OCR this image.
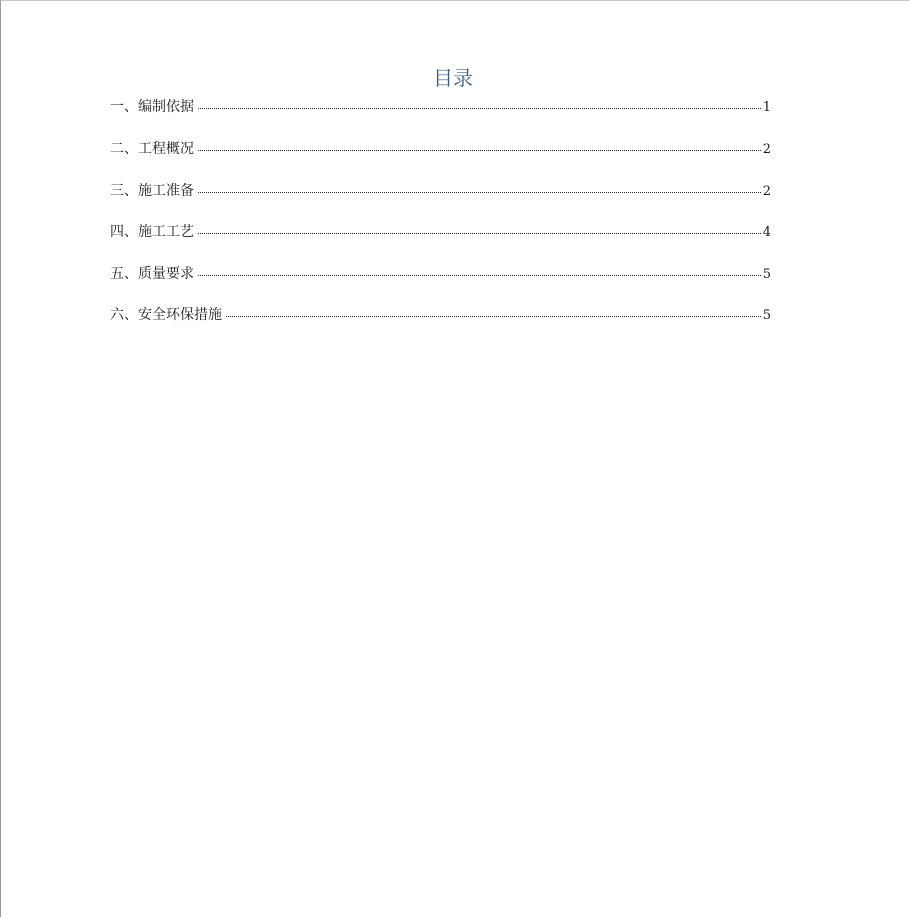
目录
一、编制依据	1
二、工程概况	2
三、施工准备	2
四、施工工艺	4
五、质量要求	5
六、安全环保措施	5
